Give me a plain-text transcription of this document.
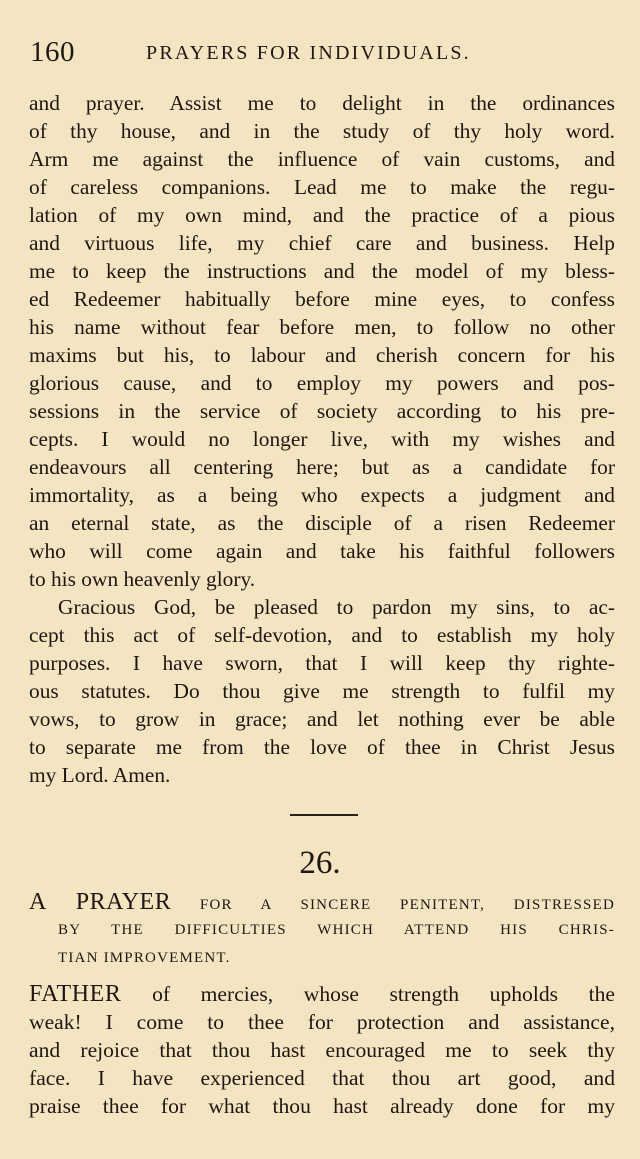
160	PRAYERS FOR INDIVIDUALS.
and prayer. Assist me to delight in the ordinances
of thy house, and in the study of thy holy word.
Arm me against the influence of vain customs, and
of careless companions. Lead me to make the regu-
lation of my own mind, and the practice of a pious
and virtuous life, my chief care and business. Help
me to keep the instructions and the model of my bless-
ed Redeemer habitually before mine eyes, to confess
his name without fear before men, to follow no other
maxims but his, to labour and cherish concern for his
glorious cause, and to employ my powers and pos-
sessions in the service of society according to his pre-
cepts. I would no longer live, with my wishes and
endeavours all centering here; but as a candidate for
immortality, as a being who expects a judgment and
an eternal state, as the disciple of a risen Redeemer
who will come again and take his faithful followers
to his own heavenly glory.
Gracious God, be pleased to pardon my sins, to ac-
cept this act of self-devotion, and to establish my holy
purposes. I have sworn, that I will keep thy righte-
ous statutes. Do thou give me strength to fulfil my
vows, to grow in grace; and let nothing ever be able
to separate me from the love of thee in Christ Jesus
my Lord. Amen.
26.
A PRAYER FOR A SINCERE PENITENT, DISTRESSED
BY THE DIFFICULTIES WHICH ATTEND HIS CHRIS-
TIAN IMPROVEMENT.
FATHER of mercies, whose strength upholds the
weak! I come to thee for protection and assistance,
and rejoice that thou hast encouraged me to seek thy
face. I have experienced that thou art good, and
praise thee for what thou hast already done for my
